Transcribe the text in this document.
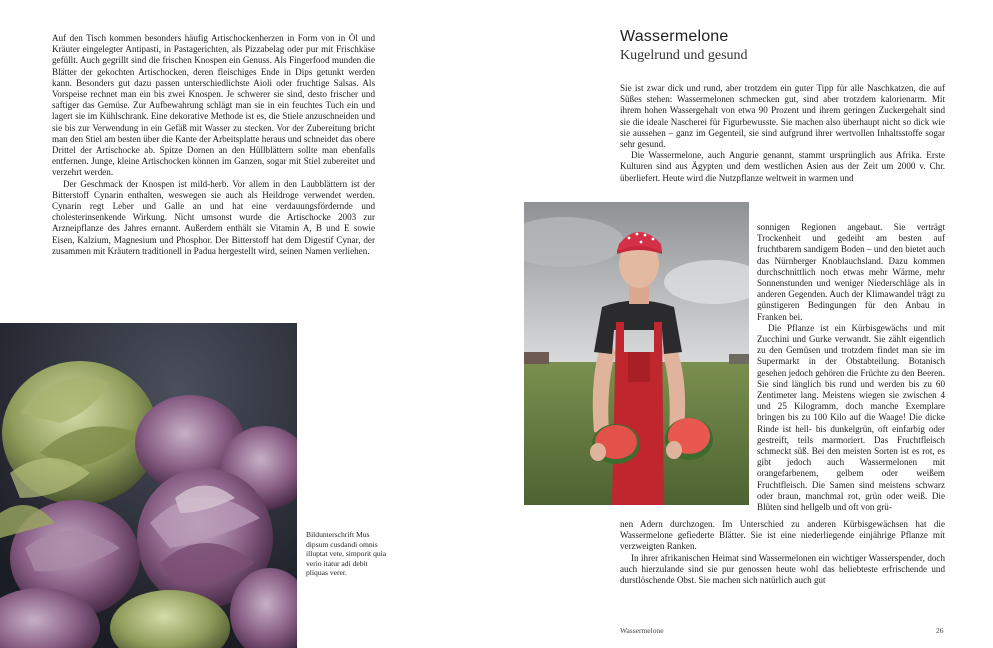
Auf den Tisch kommen besonders häufig Artischockenherzen in Form von in Öl und Kräuter eingelegter Antipasti, in Pastagerichten, als Pizzabelag oder pur mit Frischkäse gefüllt. Auch gegrillt sind die frischen Knospen ein Genuss. Als Fingerfood munden die Blätter der gekochten Artischocken, deren fleischiges Ende in Dips getunkt werden kann. Besonders gut dazu passen unterschiedlichste Aioli oder fruchtige Salsas. Als Vorspeise rechnet man ein bis zwei Knospen. Je schwerer sie sind, desto frischer und saftiger das Gemüse. Zur Aufbewahrung schlägt man sie in ein feuchtes Tuch ein und lagert sie im Kühlschrank. Eine dekorative Methode ist es, die Stiele anzuschneiden und sie bis zur Verwendung in ein Gefäß mit Wasser zu stecken. Vor der Zubereitung bricht man den Stiel am besten über die Kante der Arbeitsplatte heraus und schneidet das obere Drittel der Artischocke ab. Spitze Dornen an den Hüllblättern sollte man ebenfalls entfernen. Junge, kleine Artischocken können im Ganzen, sogar mit Stiel zubereitet und verzehrt werden.

Der Geschmack der Knospen ist mild-herb. Vor allem in den Laubblättern ist der Bitterstoff Cynarin enthalten, weswegen sie auch als Heildroge verwendet werden. Cynarin regt Leber und Galle an und hat eine verdauungsfördernde und cholesterinsenkende Wirkung. Nicht umsonst wurde die Artischocke 2003 zur Arzneipflanze des Jahres ernannt. Außerdem enthält sie Vitamin A, B und E sowie Eisen, Kalzium, Magnesium und Phosphor. Der Bitterstoff hat dem Digestif Cynar, der zusammen mit Kräutern traditionell in Padua hergestellt wird, seinen Namen verliehen.

Bildunterschrift Mus dipsum cusdandi omnis illuptat vete, simporit quia verio itatur adi debit pliquas verer.

Wassermelone
Kugelrund und gesund

Sie ist zwar dick und rund, aber trotzdem ein guter Tipp für alle Naschkatzen, die auf Süßes stehen: Wassermelonen schmecken gut, sind aber trotzdem kalorienarm. Mit ihrem hohen Wassergehalt von etwa 90 Prozent und ihrem geringen Zuckergehalt sind sie die ideale Nascherei für Figurbewusste. Sie machen also überhaupt nicht so dick wie sie aussehen – ganz im Gegenteil, sie sind aufgrund ihrer wertvollen Inhaltsstoffe sogar sehr gesund.

Die Wassermelone, auch Angurie genannt, stammt ursprünglich aus Afrika. Erste Kulturen sind aus Ägypten und dem westlichen Asien aus der Zeit um 2000 v. Chr. überliefert. Heute wird die Nutzpflanze weltweit in warmen und

sonnigen Regionen angebaut. Sie verträgt Trockenheit und gedeiht am besten auf fruchtbarem sandigem Boden – und den bietet auch das Nürnberger Knoblauchsland. Dazu kommen durchschnittlich noch etwas mehr Wärme, mehr Sonnenstunden und weniger Niederschläge als in anderen Gegenden. Auch der Klimawandel trägt zu günstigeren Bedingungen für den Anbau in Franken bei.

Die Pflanze ist ein Kürbisgewächs und mit Zucchini und Gurke verwandt. Sie zählt eigentlich zu den Gemüsen und trotzdem findet man sie im Supermarkt in der Obstabteilung. Botanisch gesehen jedoch gehören die Früchte zu den Beeren. Sie sind länglich bis rund und werden bis zu 60 Zentimeter lang. Meistens wiegen sie zwischen 4 und 25 Kilogramm, doch manche Exemplare bringen bis zu 100 Kilo auf die Waage! Die dicke Rinde ist hell- bis dunkelgrün, oft einfarbig oder gestreift, teils marmoriert. Das Fruchtfleisch schmeckt süß. Bei den meisten Sorten ist es rot, es gibt jedoch auch Wassermelonen mit orangefarbenem, gelbem oder weißem Fruchtfleisch. Die Samen sind meistens schwarz oder braun, manchmal rot, grün oder weiß. Die Blüten sind hellgelb und oft von grü-

nen Adern durchzogen. Im Unterschied zu anderen Kürbisgewächsen hat die Wassermelone gefiederte Blätter. Sie ist eine niederliegende einjährige Pflanze mit verzweigten Ranken.

In ihrer afrikanischen Heimat sind Wassermelonen ein wichtiger Wasserspender, doch auch hierzulande sind sie pur genossen heute wohl das beliebteste erfrischende und durstlöschende Obst. Sie machen sich natürlich auch gut

Wassermelone	26
